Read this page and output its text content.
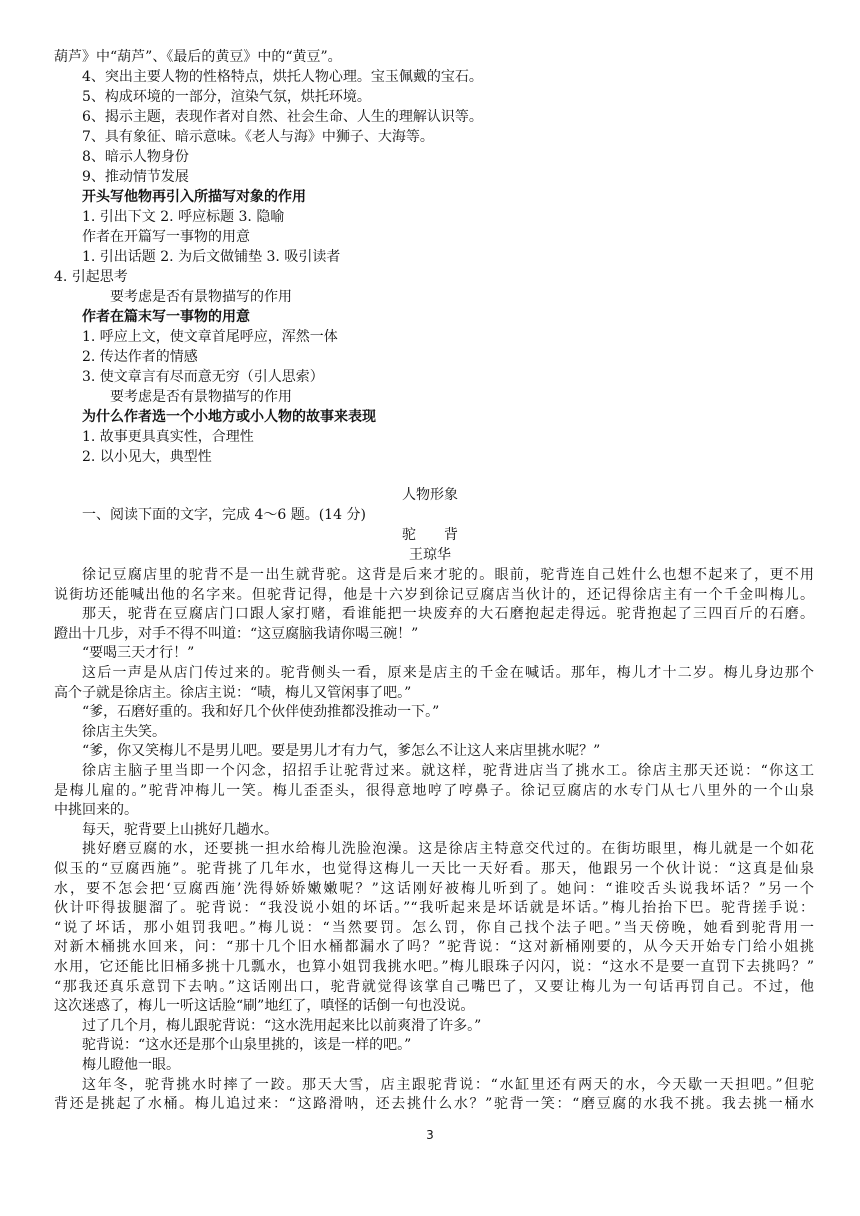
葫芦》中“葫芦”、《最后的黄豆》中的“黄豆”。
4、突出主要人物的性格特点，烘托人物心理。宝玉佩戴的宝石。
5、构成环境的一部分，渲染气氛，烘托环境。
6、揭示主题，表现作者对自然、社会生命、人生的理解认识等。
7、具有象征、暗示意味。《老人与海》中狮子、大海等。
8、暗示人物身份
9、推动情节发展
开头写他物再引入所描写对象的作用
1. 引出下文 2. 呼应标题 3. 隐喻
作者在开篇写一事物的用意
1. 引出话题 2. 为后文做铺垫 3. 吸引读者
4. 引起思考
要考虑是否有景物描写的作用
作者在篇末写一事物的用意
1. 呼应上文，使文章首尾呼应，浑然一体
2. 传达作者的情感
3. 使文章言有尽而意无穷（引人思索）
要考虑是否有景物描写的作用
为什么作者选一个小地方或小人物的故事来表现
1. 故事更具真实性，合理性
2. 以小见大，典型性
人物形象
一、阅读下面的文字，完成 4～6 题。(14 分)
驼　　背
王琼华
徐记豆腐店里的驼背不是一出生就背驼。这背是后来才驼的。眼前，驼背连自己姓什么也想不起来了，更不用
说街坊还能喊出他的名字来。但驼背记得，他是十六岁到徐记豆腐店当伙计的，还记得徐店主有一个千金叫梅儿。
那天，驼背在豆腐店门口跟人家打赌，看谁能把一块废弃的大石磨抱起走得远。驼背抱起了三四百斤的石磨。
蹬出十几步，对手不得不叫道：“这豆腐脑我请你喝三碗！”
“要喝三天才行！”
这后一声是从店门传过来的。驼背侧头一看，原来是店主的千金在喊话。那年，梅儿才十二岁。梅儿身边那个
高个子就是徐店主。徐店主说：“啧，梅儿又管闲事了吧。”
“爹，石磨好重的。我和好几个伙伴使劲推都没推动一下。”
徐店主失笑。
“爹，你又笑梅儿不是男儿吧。要是男儿才有力气，爹怎么不让这人来店里挑水呢？”
徐店主脑子里当即一个闪念，招招手让驼背过来。就这样，驼背进店当了挑水工。徐店主那天还说：“你这工
是梅儿雇的。”驼背冲梅儿一笑。梅儿歪歪头，很得意地哼了哼鼻子。徐记豆腐店的水专门从七八里外的一个山泉
中挑回来的。
每天，驼背要上山挑好几趟水。
挑好磨豆腐的水，还要挑一担水给梅儿洗脸泡澡。这是徐店主特意交代过的。在街坊眼里，梅儿就是一个如花
似玉的“豆腐西施”。驼背挑了几年水，也觉得这梅儿一天比一天好看。那天，他跟另一个伙计说：“这真是仙泉
水，要不怎会把‘豆腐西施’洗得娇娇嫩嫩呢？”这话刚好被梅儿听到了。她问：“谁咬舌头说我坏话？”另一个
伙计吓得拔腿溜了。驼背说：“我没说小姐的坏话。”“我听起来是坏话就是坏话。”梅儿抬抬下巴。驼背搓手说：
“说了坏话，那小姐罚我吧。”梅儿说：“当然要罚。怎么罚，你自己找个法子吧。”当天傍晚，她看到驼背用一
对新木桶挑水回来，问：“那十几个旧水桶都漏水了吗？”驼背说：“这对新桶刚要的，从今天开始专门给小姐挑
水用，它还能比旧桶多挑十几瓢水，也算小姐罚我挑水吧。”梅儿眼珠子闪闪，说：“这水不是要一直罚下去挑吗？”
“那我还真乐意罚下去呐。”这话刚出口，驼背就觉得该掌自己嘴巴了，又要让梅儿为一句话再罚自己。不过，他
这次迷惑了，梅儿一听这话脸“刷”地红了，嗔怪的话倒一句也没说。
过了几个月，梅儿跟驼背说：“这水洗用起来比以前爽滑了许多。”
驼背说：“这水还是那个山泉里挑的，该是一样的吧。”
梅儿瞪他一眼。
这年冬，驼背挑水时摔了一跤。那天大雪，店主跟驼背说：“水缸里还有两天的水，今天歇一天担吧。”但驼
背还是挑起了水桶。梅儿追过来：“这路滑呐，还去挑什么水？”驼背一笑：“磨豆腐的水我不挑。我去挑一桶水
3
